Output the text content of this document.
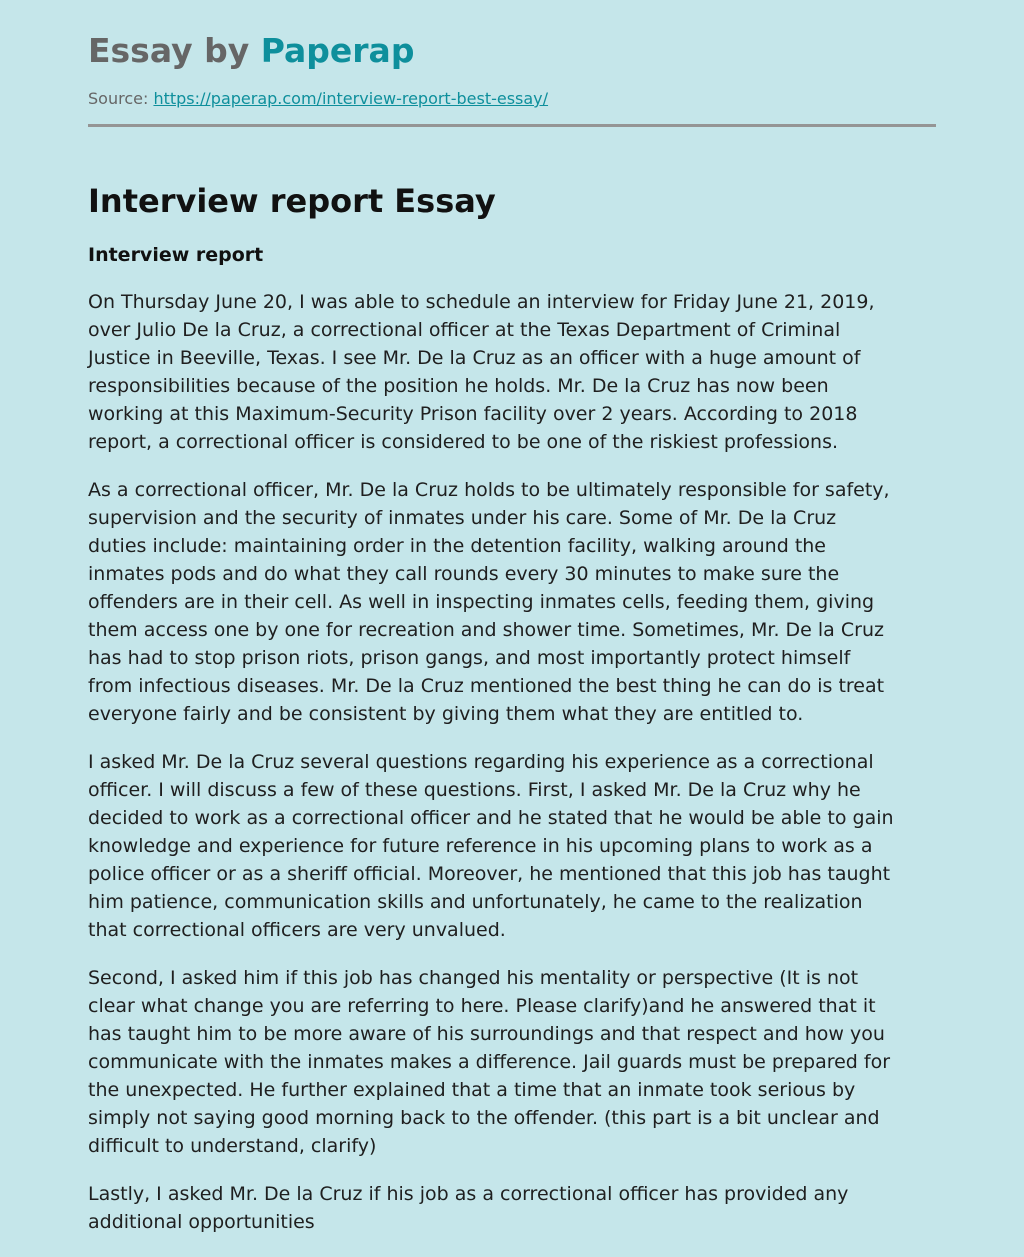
Essay by Paperap
Source: https://paperap.com/interview-report-best-essay/
Interview report Essay
Interview report

On Thursday June 20, I was able to schedule an interview for Friday June 21, 2019,
over Julio De la Cruz, a correctional officer at the Texas Department of Criminal
Justice in Beeville, Texas. I see Mr. De la Cruz as an officer with a huge amount of
responsibilities because of the position he holds. Mr. De la Cruz has now been
working at this Maximum-Security Prison facility over 2 years. According to 2018
report, a correctional officer is considered to be one of the riskiest professions.

As a correctional officer, Mr. De la Cruz holds to be ultimately responsible for safety,
supervision and the security of inmates under his care. Some of Mr. De la Cruz
duties include: maintaining order in the detention facility, walking around the
inmates pods and do what they call rounds every 30 minutes to make sure the
offenders are in their cell. As well in inspecting inmates cells, feeding them, giving
them access one by one for recreation and shower time. Sometimes, Mr. De la Cruz
has had to stop prison riots, prison gangs, and most importantly protect himself
from infectious diseases. Mr. De la Cruz mentioned the best thing he can do is treat
everyone fairly and be consistent by giving them what they are entitled to.

I asked Mr. De la Cruz several questions regarding his experience as a correctional
officer. I will discuss a few of these questions. First, I asked Mr. De la Cruz why he
decided to work as a correctional officer and he stated that he would be able to gain
knowledge and experience for future reference in his upcoming plans to work as a
police officer or as a sheriff official. Moreover, he mentioned that this job has taught
him patience, communication skills and unfortunately, he came to the realization
that correctional officers are very unvalued.

Second, I asked him if this job has changed his mentality or perspective (It is not
clear what change you are referring to here. Please clarify)and he answered that it
has taught him to be more aware of his surroundings and that respect and how you
communicate with the inmates makes a difference. Jail guards must be prepared for
the unexpected. He further explained that a time that an inmate took serious by
simply not saying good morning back to the offender. (this part is a bit unclear and
difficult to understand, clarify)

Lastly, I asked Mr. De la Cruz if his job as a correctional officer has provided any
additional opportunities
